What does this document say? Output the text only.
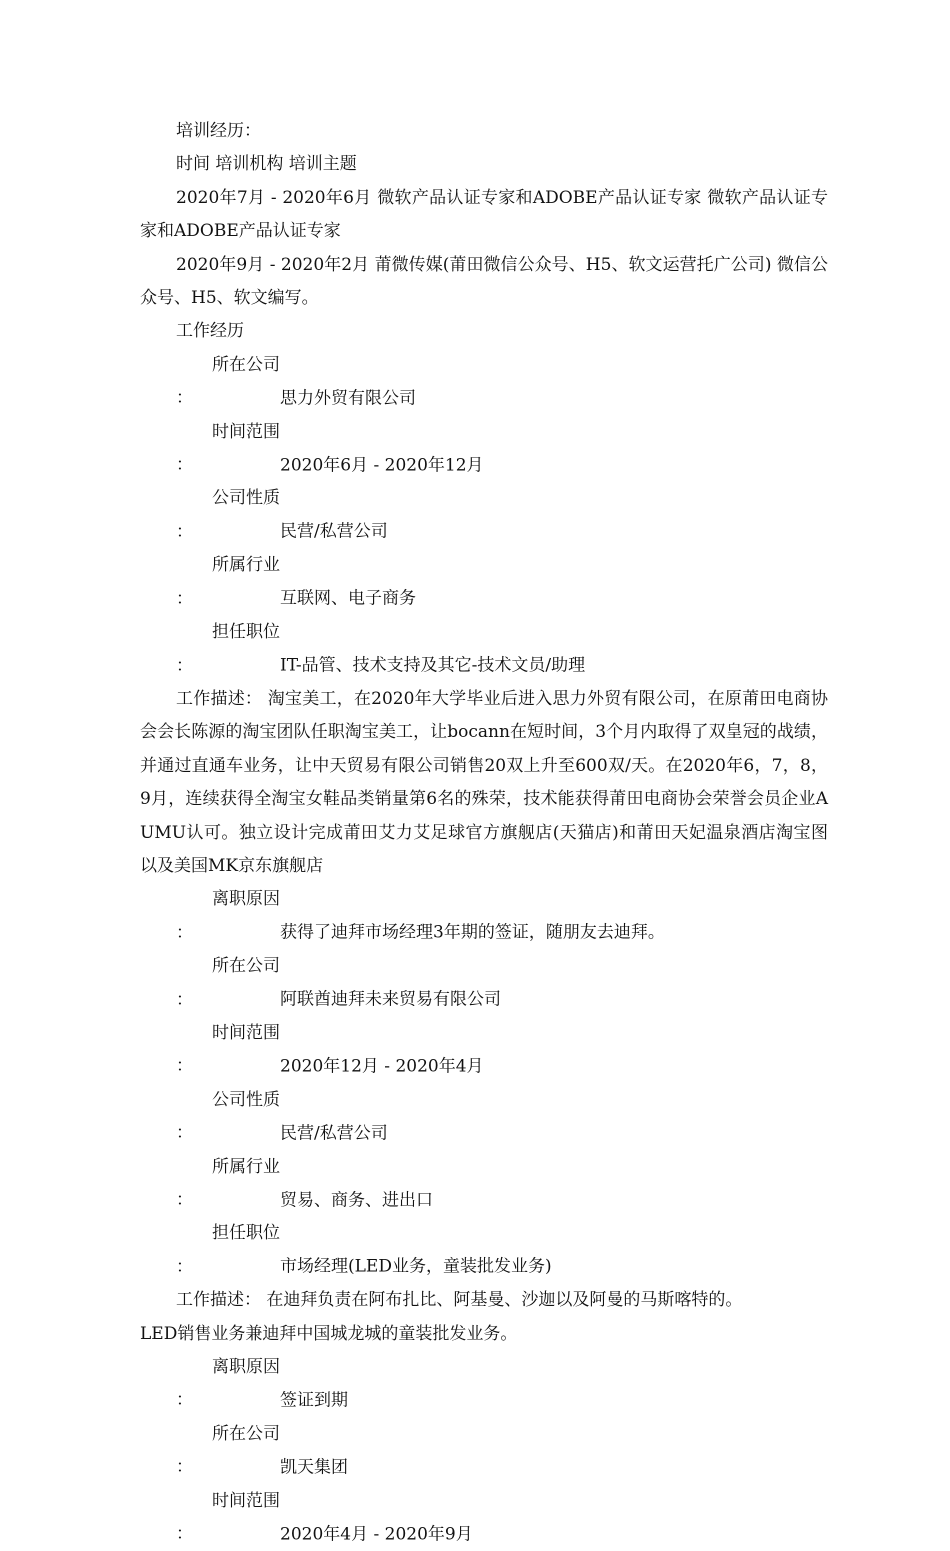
培训经历：

时间 培训机构 培训主题

2020年7月 - 2020年6月 微软产品认证专家和ADOBE产品认证专家 微软产品认证专家和ADOBE产品认证专家

2020年9月 - 2020年2月 莆微传媒(莆田微信公众号、H5、软文运营托广公司) 微信公众号、H5、软文编写。

工作经历

所在公司：	思力外贸有限公司

时间范围：	2020年6月 - 2020年12月

公司性质：	民营/私营公司

所属行业：	互联网、电子商务

担任职位：	IT-品管、技术支持及其它-技术文员/助理

工作描述： 淘宝美工，在2020年大学毕业后进入思力外贸有限公司，在原莆田电商协会会长陈源的淘宝团队任职淘宝美工，让bocann在短时间，3个月内取得了双皇冠的战绩，并通过直通车业务，让中天贸易有限公司销售20双上升至600双/天。在2020年6，7，8，9月，连续获得全淘宝女鞋品类销量第6名的殊荣，技术能获得莆田电商协会荣誉会员企业AUMU认可。独立设计完成莆田艾力艾足球官方旗舰店(天猫店)和莆田天妃温泉酒店淘宝图以及美国MK京东旗舰店

离职原因：	获得了迪拜市场经理3年期的签证，随朋友去迪拜。

所在公司：	阿联酋迪拜未来贸易有限公司

时间范围：	2020年12月 - 2020年4月

公司性质：	民营/私营公司

所属行业：	贸易、商务、进出口

担任职位：	市场经理(LED业务，童装批发业务)

工作描述： 在迪拜负责在阿布扎比、阿基曼、沙迦以及阿曼的马斯喀特的。

LED销售业务兼迪拜中国城龙城的童装批发业务。

离职原因：	签证到期

所在公司：	凯天集团

时间范围：	2020年4月 - 2020年9月
